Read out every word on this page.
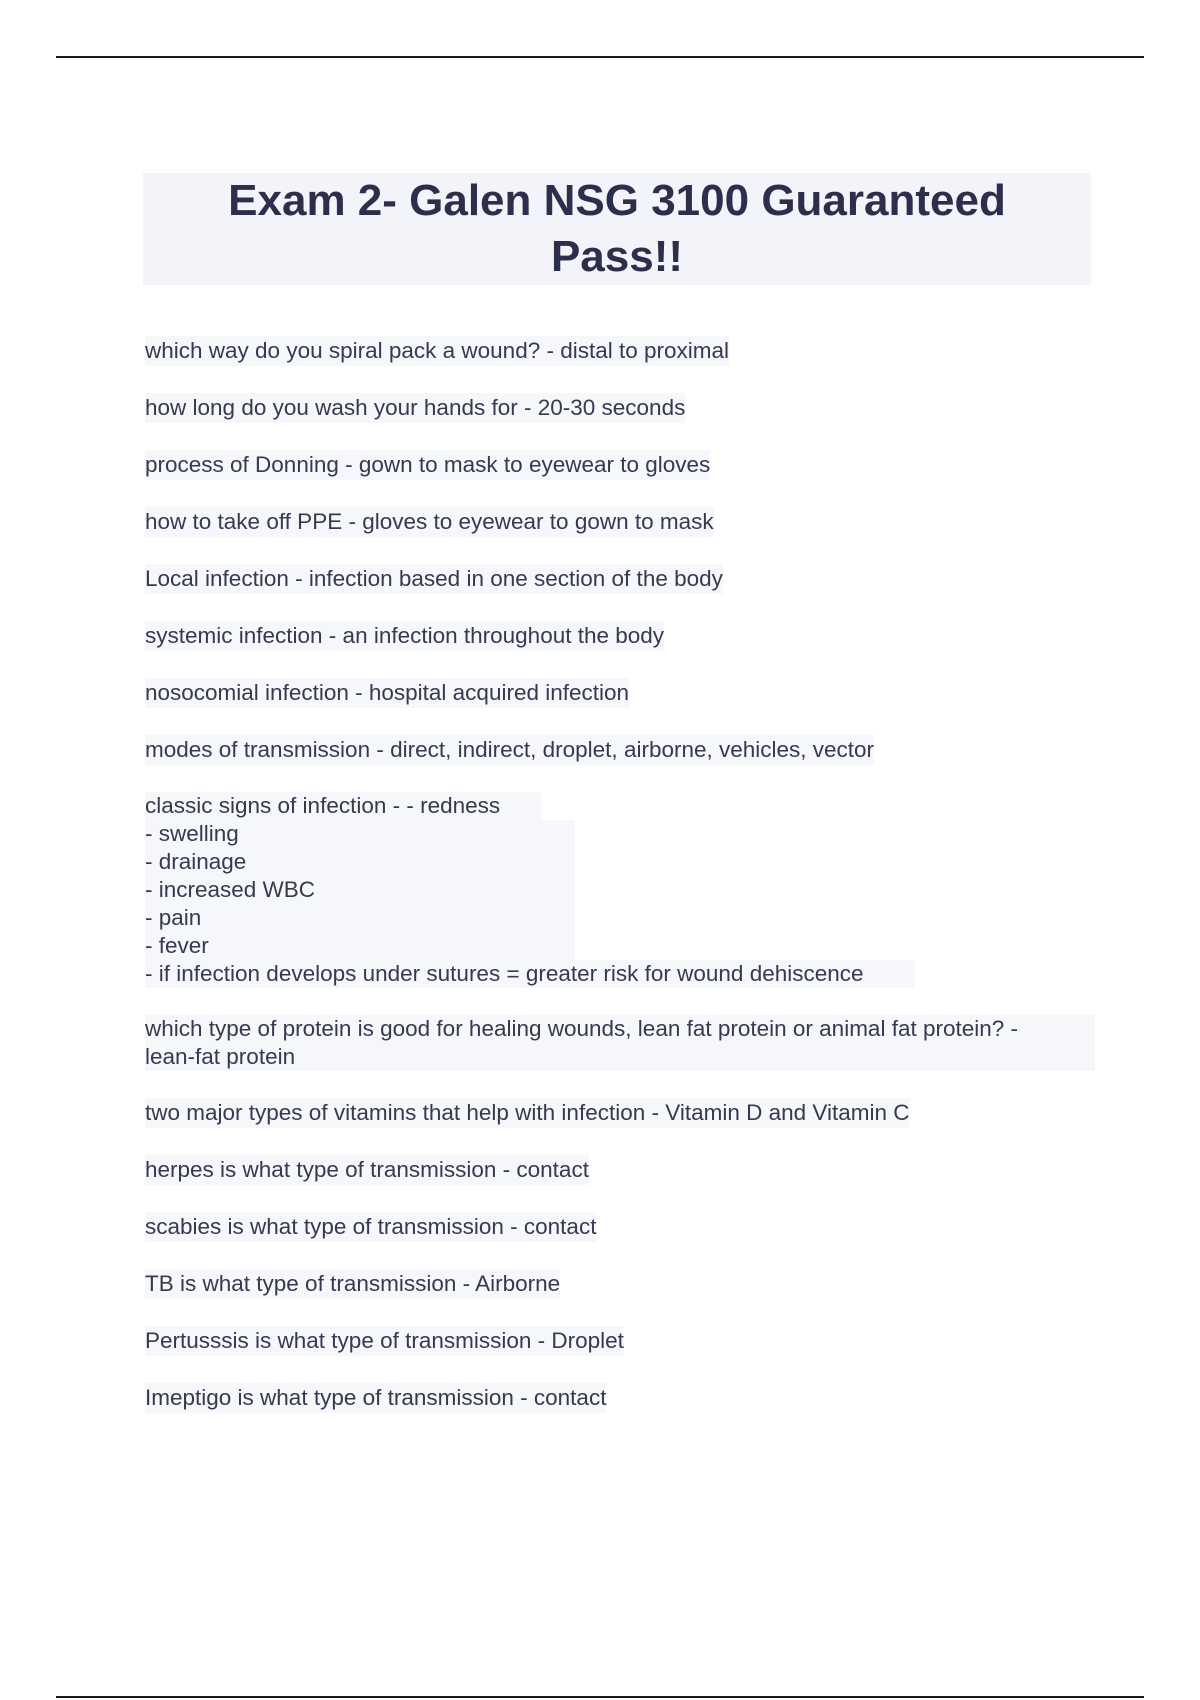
Exam 2- Galen NSG 3100 Guaranteed Pass!!
which way do you spiral pack a wound? - distal to proximal
how long do you wash your hands for - 20-30 seconds
process of Donning - gown to mask to eyewear to gloves
how to take off PPE - gloves to eyewear to gown to mask
Local infection - infection based in one section of the body
systemic infection - an infection throughout the body
nosocomial infection - hospital acquired infection
modes of transmission - direct, indirect, droplet, airborne, vehicles, vector
classic signs of infection - - redness
- swelling
- drainage
- increased WBC
- pain
- fever
- if infection develops under sutures = greater risk for wound dehiscence
which type of protein is good for healing wounds, lean fat protein or animal fat protein? -
lean-fat protein
two major types of vitamins that help with infection - Vitamin D and Vitamin C
herpes is what type of transmission - contact
scabies is what type of transmission - contact
TB is what type of transmission - Airborne
Pertusssis is what type of transmission - Droplet
Imeptigo is what type of transmission - contact
